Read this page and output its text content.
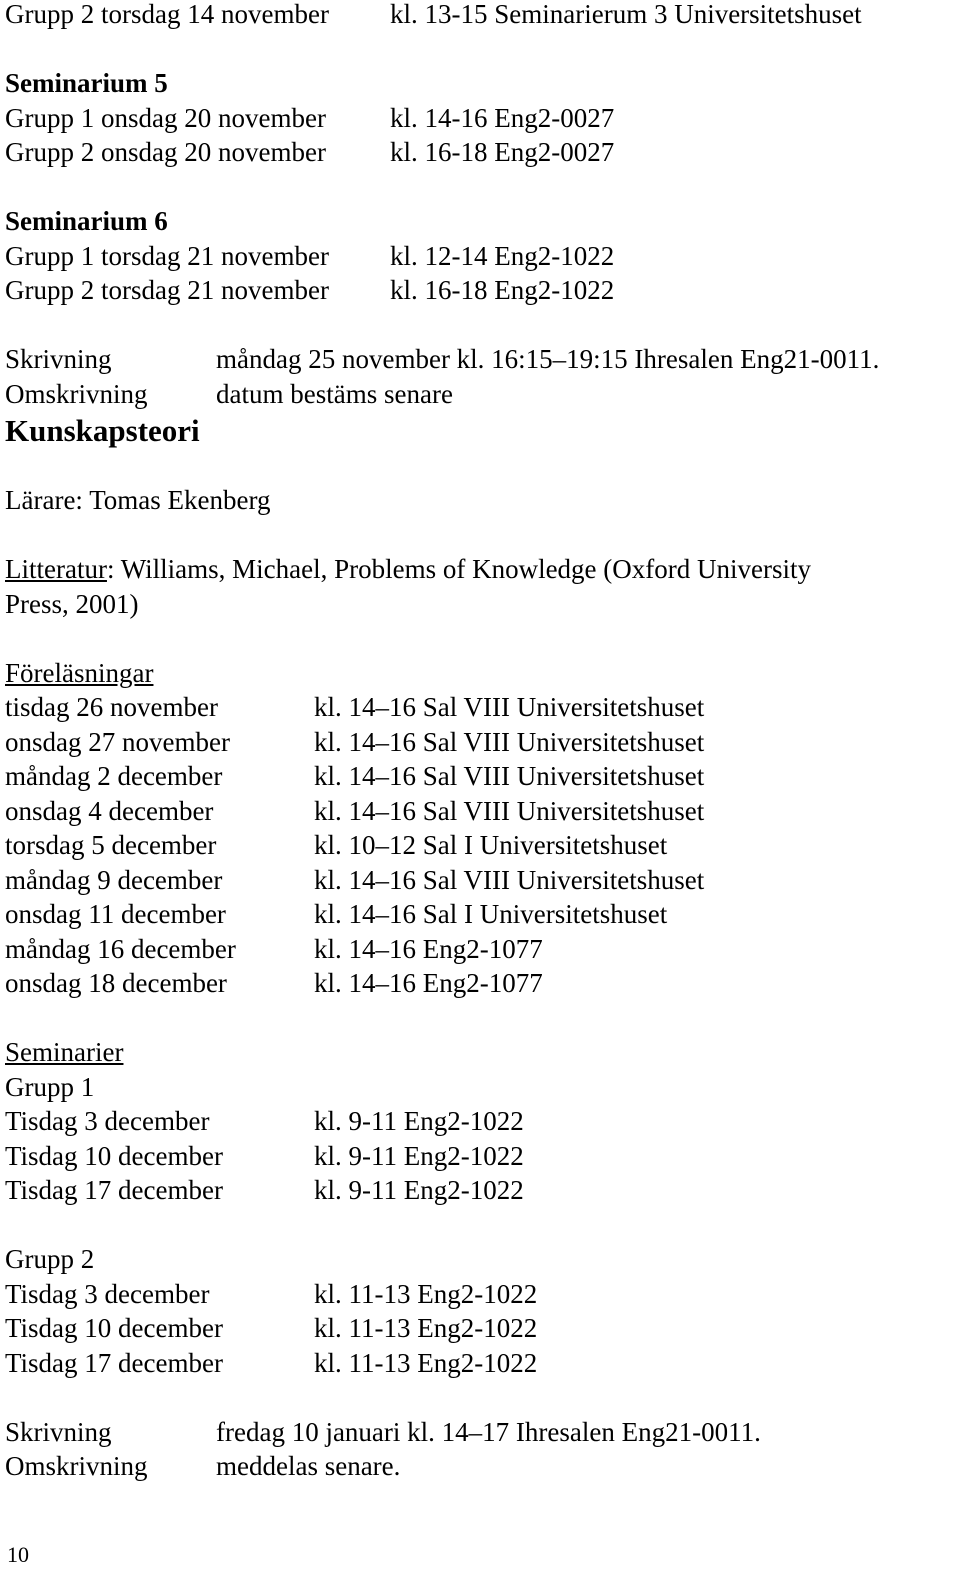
Grupp 2 torsdag 14 november kl. 13-15 Seminarierum 3 Universitetshuset
Seminarium 5
Grupp 1 onsdag 20 november kl. 14-16 Eng2-0027
Grupp 2 onsdag 20 november kl. 16-18 Eng2-0027
Seminarium 6
Grupp 1 torsdag 21 november kl. 12-14 Eng2-1022
Grupp 2 torsdag 21 november kl. 16-18 Eng2-1022
Skrivning	måndag 25 november kl. 16:15–19:15 Ihresalen Eng21-0011.
Omskrivning	datum bestäms senare
Kunskapsteori
Lärare: Tomas Ekenberg
Litteratur: Williams, Michael, Problems of Knowledge (Oxford University
Press, 2001)
Föreläsningar
tisdag 26 november	kl. 14–16 Sal VIII Universitetshuset
onsdag 27 november	kl. 14–16 Sal VIII Universitetshuset
måndag 2 december	kl. 14–16 Sal VIII Universitetshuset
onsdag 4 december	kl. 14–16 Sal VIII Universitetshuset
torsdag 5 december	kl. 10–12 Sal I Universitetshuset
måndag 9 december	kl. 14–16 Sal VIII Universitetshuset
onsdag 11 december	kl. 14–16 Sal I Universitetshuset
måndag 16 december	kl. 14–16 Eng2-1077
onsdag 18 december	kl. 14–16 Eng2-1077
Seminarier
Grupp 1
Tisdag 3 december	kl. 9-11 Eng2-1022
Tisdag 10 december	kl. 9-11 Eng2-1022
Tisdag 17 december	kl. 9-11 Eng2-1022
Grupp 2
Tisdag 3 december	kl. 11-13 Eng2-1022
Tisdag 10 december	kl. 11-13 Eng2-1022
Tisdag 17 december	kl. 11-13 Eng2-1022
Skrivning	fredag 10 januari kl. 14–17 Ihresalen Eng21-0011.
Omskrivning	meddelas senare.
10
